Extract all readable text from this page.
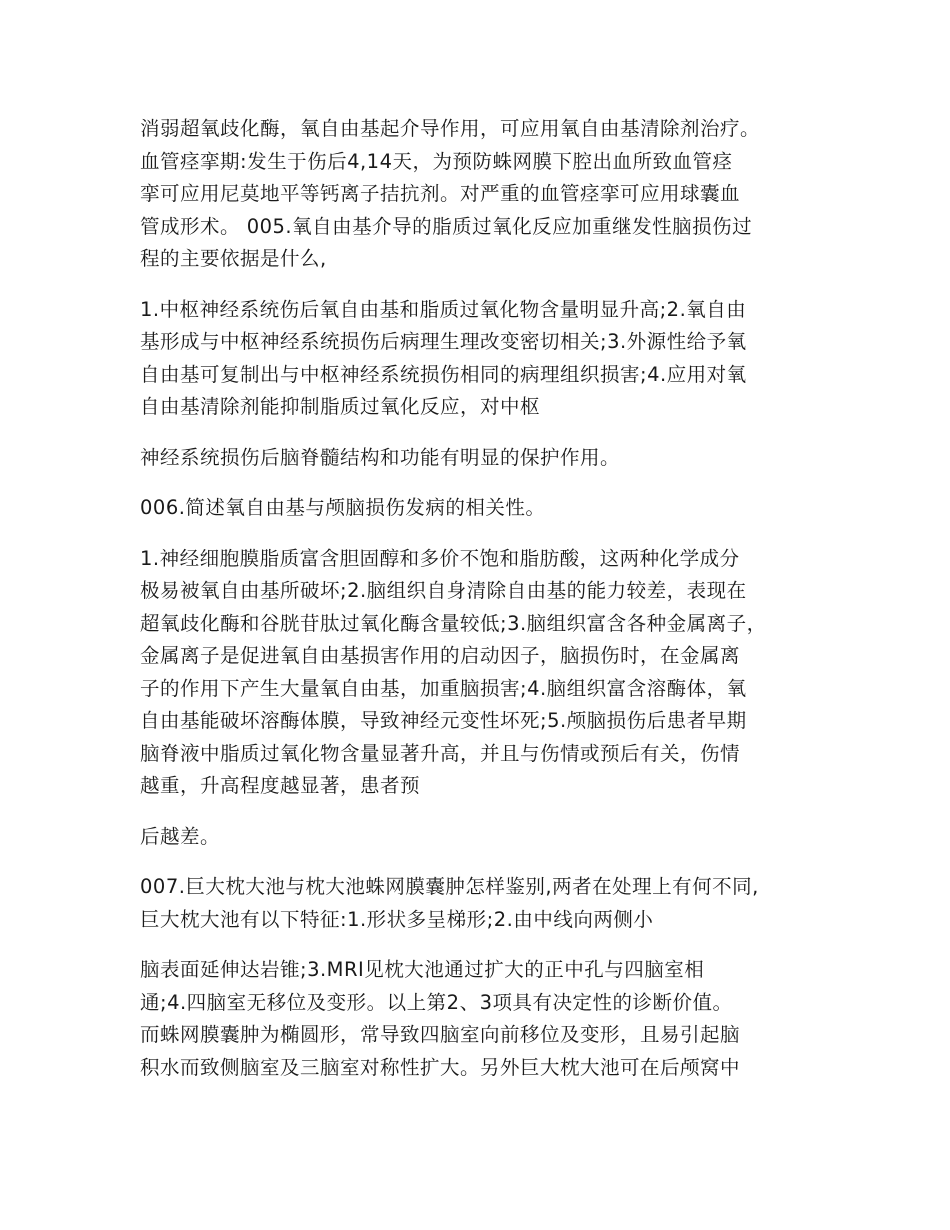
消弱超氧歧化酶，氧自由基起介导作用，可应用氧自由基清除剂治疗。
血管痉挛期:发生于伤后4,14天，为预防蛛网膜下腔出血所致血管痉
挛可应用尼莫地平等钙离子拮抗剂。对严重的血管痉挛可应用球囊血
管成形术。 005.氧自由基介导的脂质过氧化反应加重继发性脑损伤过
程的主要依据是什么,
1.中枢神经系统伤后氧自由基和脂质过氧化物含量明显升高;2.氧自由
基形成与中枢神经系统损伤后病理生理改变密切相关;3.外源性给予氧
自由基可复制出与中枢神经系统损伤相同的病理组织损害;4.应用对氧
自由基清除剂能抑制脂质过氧化反应，对中枢
神经系统损伤后脑脊髓结构和功能有明显的保护作用。
006.简述氧自由基与颅脑损伤发病的相关性。
1.神经细胞膜脂质富含胆固醇和多价不饱和脂肪酸，这两种化学成分
极易被氧自由基所破坏;2.脑组织自身清除自由基的能力较差，表现在
超氧歧化酶和谷胱苷肽过氧化酶含量较低;3.脑组织富含各种金属离子，
金属离子是促进氧自由基损害作用的启动因子，脑损伤时，在金属离
子的作用下产生大量氧自由基，加重脑损害;4.脑组织富含溶酶体，氧
自由基能破坏溶酶体膜，导致神经元变性坏死;5.颅脑损伤后患者早期
脑脊液中脂质过氧化物含量显著升高，并且与伤情或预后有关，伤情
越重，升高程度越显著，患者预
后越差。
007.巨大枕大池与枕大池蛛网膜囊肿怎样鉴别,两者在处理上有何不同,
巨大枕大池有以下特征:1.形状多呈梯形;2.由中线向两侧小
脑表面延伸达岩锥;3.MRI见枕大池通过扩大的正中孔与四脑室相
通;4.四脑室无移位及变形。以上第2、3项具有决定性的诊断价值。
而蛛网膜囊肿为椭圆形，常导致四脑室向前移位及变形，且易引起脑
积水而致侧脑室及三脑室对称性扩大。另外巨大枕大池可在后颅窝中
